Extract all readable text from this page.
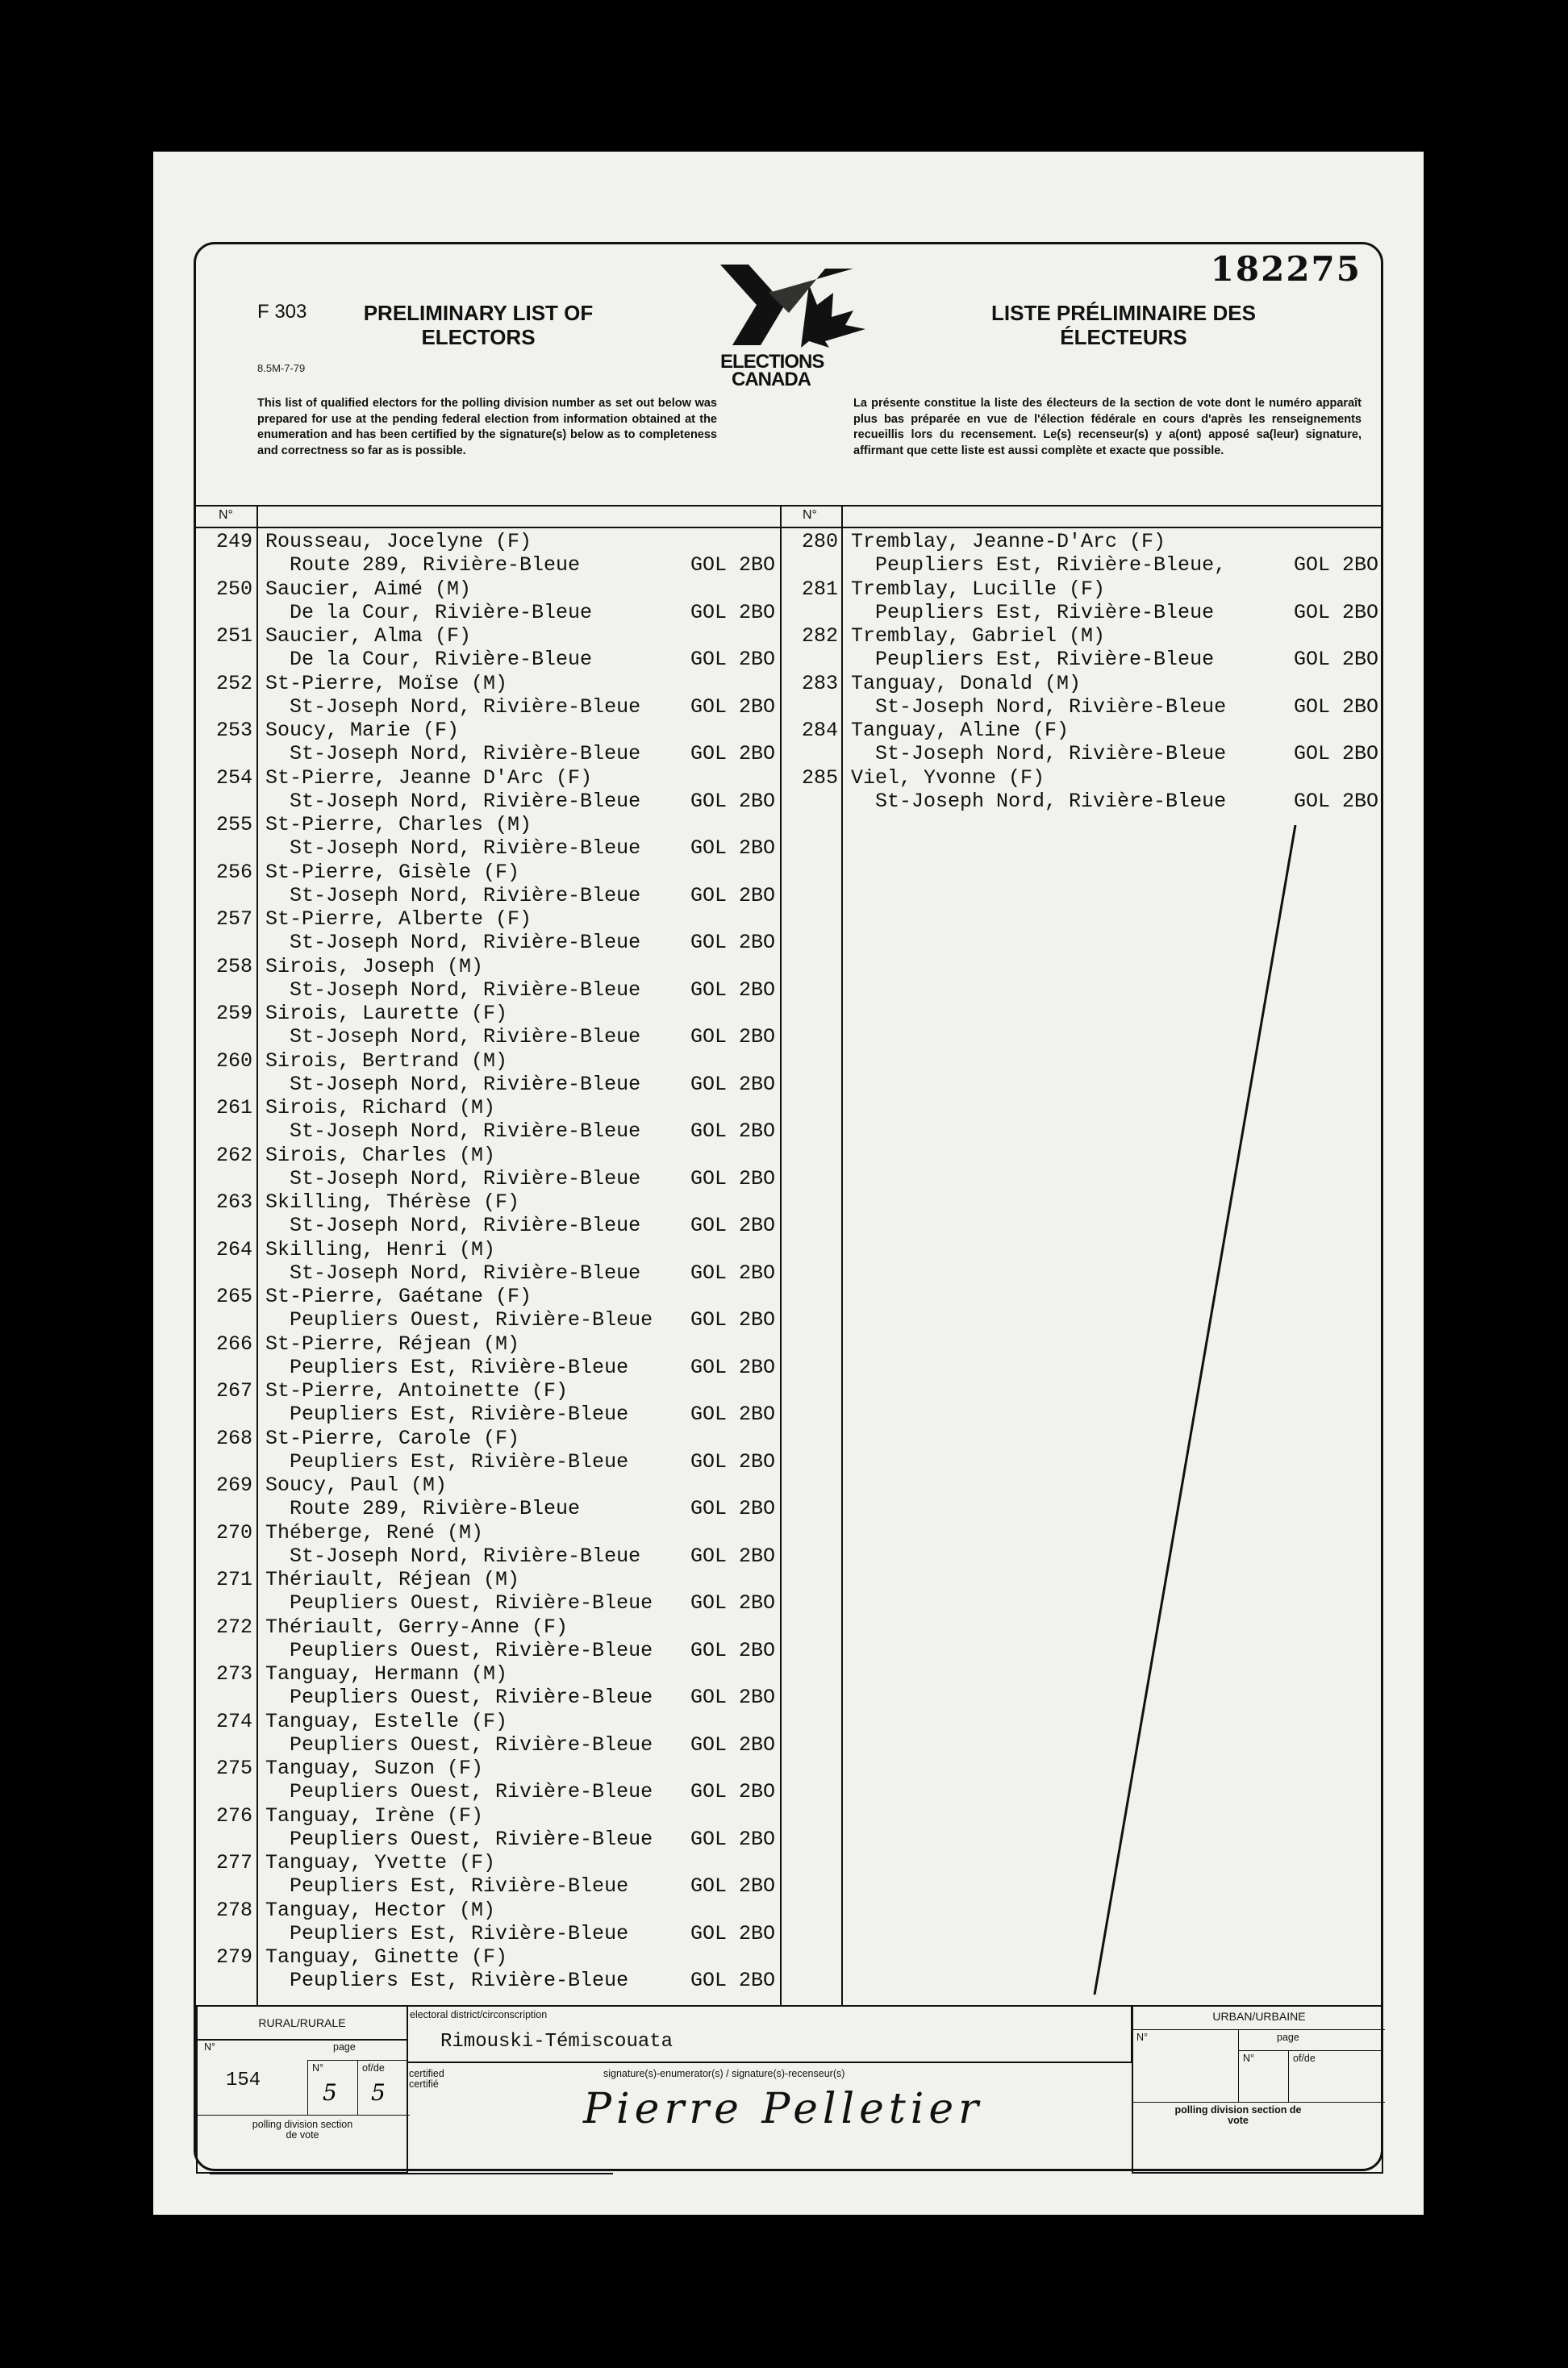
182275
F 303
8.5M-7-79
PRELIMINARY LIST OF ELECTORS
ELECTIONS
CANADA
LISTE PRÉLIMINAIRE DES ÉLECTEURS
This list of qualified electors for the polling division number as set out below was prepared for use at the pending federal election from information obtained at the enumeration and has been certified by the signature(s) below as to completeness and correctness so far as is possible.
La présente constitue la liste des électeurs de la section de vote dont le numéro apparaît plus bas préparée en vue de l'élection fédérale en cours d'après les renseignements recueillis lors du recensement. Le(s) recenseur(s) y a(ont) apposé sa(leur) signature, affirmant que cette liste est aussi complète et exacte que possible.
N°	N°
249 Rousseau, Jocelyne (F)
Route 289, Rivière-Bleue	GOL 2BO
250 Saucier, Aimé (M)
De la Cour, Rivière-Bleue	GOL 2BO
251 Saucier, Alma (F)
De la Cour, Rivière-Bleue	GOL 2BO
252 St-Pierre, Moïse (M)
St-Joseph Nord, Rivière-Bleue GOL 2BO
253 Soucy, Marie (F)
St-Joseph Nord, Rivière-Bleue GOL 2BO
254 St-Pierre, Jeanne D'Arc (F)
St-Joseph Nord, Rivière-Bleue GOL 2BO
255 St-Pierre, Charles (M)
St-Joseph Nord, Rivière-Bleue GOL 2BO
256 St-Pierre, Gisèle (F)
St-Joseph Nord, Rivière-Bleue GOL 2BO
257 St-Pierre, Alberte (F)
St-Joseph Nord, Rivière-Bleue GOL 2BO
258 Sirois, Joseph (M)
St-Joseph Nord, Rivière-Bleue GOL 2BO
259 Sirois, Laurette (F)
St-Joseph Nord, Rivière-Bleue GOL 2BO
260 Sirois, Bertrand (M)
St-Joseph Nord, Rivière-Bleue GOL 2BO
261 Sirois, Richard (M)
St-Joseph Nord, Rivière-Bleue GOL 2BO
262 Sirois, Charles (M)
St-Joseph Nord, Rivière-Bleue GOL 2BO
263 Skilling, Thérèse (F)
St-Joseph Nord, Rivière-Bleue GOL 2BO
264 Skilling, Henri (M)
St-Joseph Nord, Rivière-Bleue GOL 2BO
265 St-Pierre, Gaétane (F)
Peupliers Ouest, Rivière-Bleue GOL 2BO
266 St-Pierre, Réjean (M)
Peupliers Est, Rivière-Bleue	GOL 2BO
267 St-Pierre, Antoinette (F)
Peupliers Est, Rivière-Bleue	GOL 2BO
268 St-Pierre, Carole (F)
Peupliers Est, Rivière-Bleue	GOL 2BO
269 Soucy, Paul (M)
Route 289, Rivière-Bleue	GOL 2BO
270 Théberge, René (M)
St-Joseph Nord, Rivière-Bleue GOL 2BO
271 Thériault, Réjean (M)
Peupliers Ouest, Rivière-Bleue GOL 2BO
272 Thériault, Gerry-Anne (F)
Peupliers Ouest, Rivière-Bleue GOL 2BO
273 Tanguay, Hermann (M)
Peupliers Ouest, Rivière-Bleue GOL 2BO
274 Tanguay, Estelle (F)
Peupliers Ouest, Rivière-Bleue GOL 2BO
275 Tanguay, Suzon (F)
Peupliers Ouest, Rivière-Bleue GOL 2BO
276 Tanguay, Irène (F)
Peupliers Ouest, Rivière-Bleue GOL 2BO
277 Tanguay, Yvette (F)
Peupliers Est, Rivière-Bleue	GOL 2BO
278 Tanguay, Hector (M)
Peupliers Est, Rivière-Bleue	GOL 2BO
279 Tanguay, Ginette (F)
Peupliers Est, Rivière-Bleue	GOL 2BO
280 Tremblay, Jeanne-D'Arc (F)
Peupliers Est, Rivière-Bleue,	GOL 2BO
281 Tremblay, Lucille (F)
Peupliers Est, Rivière-Bleue	GOL 2BO
282 Tremblay, Gabriel (M)
Peupliers Est, Rivière-Bleue	GOL 2BO
283 Tanguay, Donald (M)
St-Joseph Nord, Rivière-Bleue	GOL 2BO
284 Tanguay, Aline (F)
St-Joseph Nord, Rivière-Bleue	GOL 2BO
285 Viel, Yvonne (F)
St-Joseph Nord, Rivière-Bleue	GOL 2BO
RURAL/RURALE
N°	page
N°	of/de
154	5 5
polling division section de vote
electoral district/circonscription
Rimouski-Témiscouata
certified certifié
signature(s)-enumerator(s) / signature(s)-recenseur(s)
Pierre Pelletier
URBAN/URBAINE
N°	page
N°	of/de
polling division section de vote
